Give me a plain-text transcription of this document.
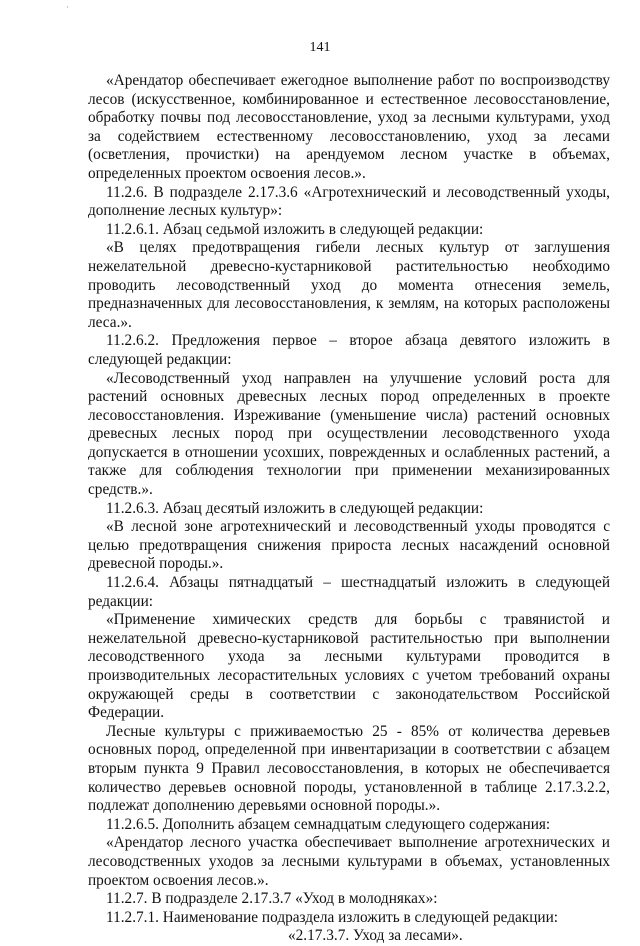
·
141

«Арендатор обеспечивает ежегодное выполнение работ по воспроизводству лесов (искусственное, комбинированное и естественное лесовосстановление, обработку почвы под лесовосстановление, уход за лесными культурами, уход за содействием естественному лесовосстановлению, уход за лесами (осветления, прочистки) на арендуемом лесном участке в объемах, определенных проектом освоения лесов.».

11.2.6. В подразделе 2.17.3.6 «Агротехнический и лесоводственный уходы, дополнение лесных культур»:

11.2.6.1. Абзац седьмой изложить в следующей редакции:

«В целях предотвращения гибели лесных культур от заглушения нежелательной древесно-кустарниковой растительностью необходимо проводить лесоводственный уход до момента отнесения земель, предназначенных для лесовосстановления, к землям, на которых расположены леса.».

11.2.6.2. Предложения первое – второе абзаца девятого изложить в следующей редакции:

«Лесоводственный уход направлен на улучшение условий роста для растений основных древесных лесных пород определенных в проекте лесовосстановления. Изреживание (уменьшение числа) растений основных древесных лесных пород при осуществлении лесоводственного ухода допускается в отношении усохших, поврежденных и ослабленных растений, а также для соблюдения технологии при применении механизированных средств.».

11.2.6.3. Абзац десятый изложить в следующей редакции:

«В лесной зоне агротехнический и лесоводственный уходы проводятся с целью предотвращения снижения прироста лесных насаждений основной древесной породы.».

11.2.6.4. Абзацы пятнадцатый – шестнадцатый изложить в следующей редакции:

«Применение химических средств для борьбы с травянистой и нежелательной древесно-кустарниковой растительностью при выполнении лесоводственного ухода за лесными культурами проводится в производительных лесорастительных условиях с учетом требований охраны окружающей среды в соответствии с законодательством Российской Федерации.

Лесные культуры с приживаемостью 25 - 85% от количества деревьев основных пород, определенной при инвентаризации в соответствии с абзацем вторым пункта 9 Правил лесовосстановления, в которых не обеспечивается количество деревьев основной породы, установленной в таблице 2.17.3.2.2, подлежат дополнению деревьями основной породы.».

11.2.6.5. Дополнить абзацем семнадцатым следующего содержания:

«Арендатор лесного участка обеспечивает выполнение агротехнических и лесоводственных уходов за лесными культурами в объемах, установленных проектом освоения лесов.».

11.2.7. В подразделе 2.17.3.7 «Уход в молодняках»:

11.2.7.1. Наименование подраздела изложить в следующей редакции:

«2.17.3.7. Уход за лесами».
